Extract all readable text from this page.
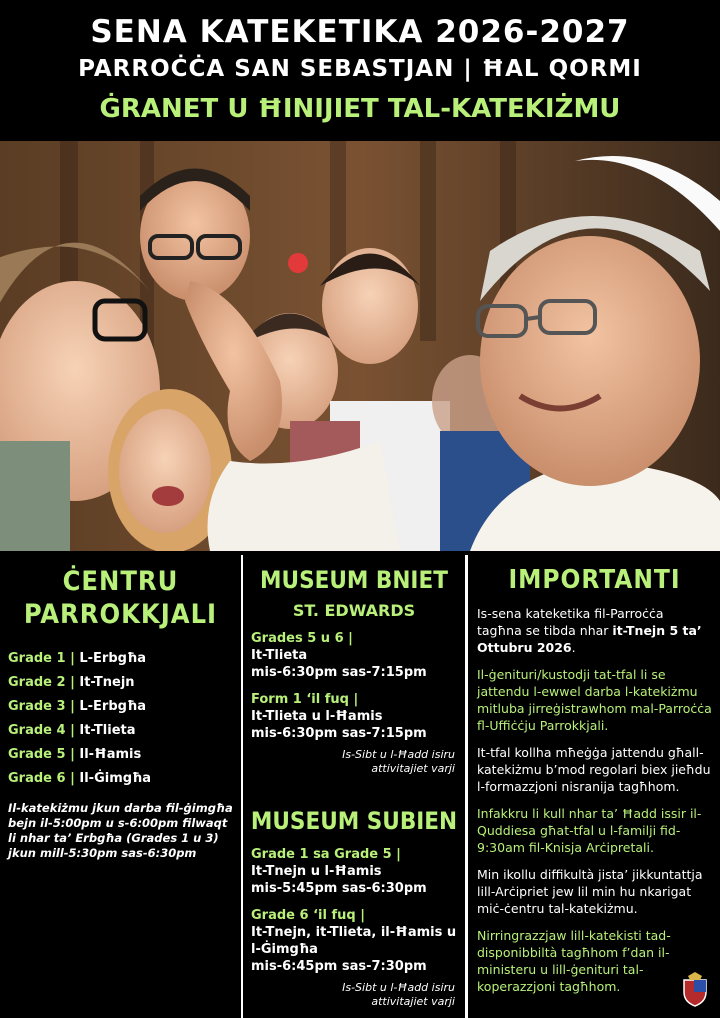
SENA KATEKETIKA 2026-2027
PARROĊĊA SAN SEBASTJAN | ĦAL QORMI
ĠRANET U ĦINIJIET TAL-KATEKIŻMU
ĊENTRU
PARROKKJALI
Grade 1 | L-Erbgħa
Grade 2 | It-Tnejn
Grade 3 | L-Erbgħa
Grade 4 | It-Tlieta
Grade 5 | Il-Ħamis
Grade 6 | Il-Ġimgħa
Il-katekiżmu jkun darba fil-ġimgħa bejn il-5:00pm u s-6:00pm filwaqt li nhar ta’ Erbgħa (Grades 1 u 3) jkun mill-5:30pm sas-6:30pm
MUSEUM BNIET
ST. EDWARDS
Grades 5 u 6 |
It-Tlieta
mis-6:30pm sas-7:15pm
Form 1 ‘il fuq |
It-Tlieta u l-Ħamis
mis-6:30pm sas-7:15pm
Is-Sibt u l-Ħadd isiru attivitajiet varji
MUSEUM SUBIEN
Grade 1 sa Grade 5 |
It-Tnejn u l-Ħamis
mis-5:45pm sas-6:30pm
Grade 6 ‘il fuq |
It-Tnejn, it-Tlieta, il-Ħamis u l-Ġimgħa
mis-6:45pm sas-7:30pm
Is-Sibt u l-Ħadd isiru attivitajiet varji
IMPORTANTI
Is-sena kateketika fil-Parroċċa tagħna se tibda nhar it-Tnejn 5 ta’ Ottubru 2026.
Il-ġenituri/kustodji tat-tfal li se jattendu l-ewwel darba l-katekiżmu mitluba jirreġistrawhom mal-Parroċċa fl-Uffiċċju Parrokkjali.
It-tfal kollha mħeġġa jattendu għall-katekiżmu b’mod regolari biex jieħdu l-formazzjoni nisranija tagħhom.
Infakkru li kull nhar ta’ Ħadd issir il-Quddiesa għat-tfal u l-familji fid-9:30am fil-Knisja Arċipretali.
Min ikollu diffikultà jista’ jikkuntattja lill-Arċipriet jew lil min hu nkarigat miċ-ċentru tal-katekiżmu.
Nirringrazzjaw lill-katekisti tad-disponibbiltà tagħhom f’dan il-ministeru u lill-ġenituri tal-koperazzjoni tagħhom.
